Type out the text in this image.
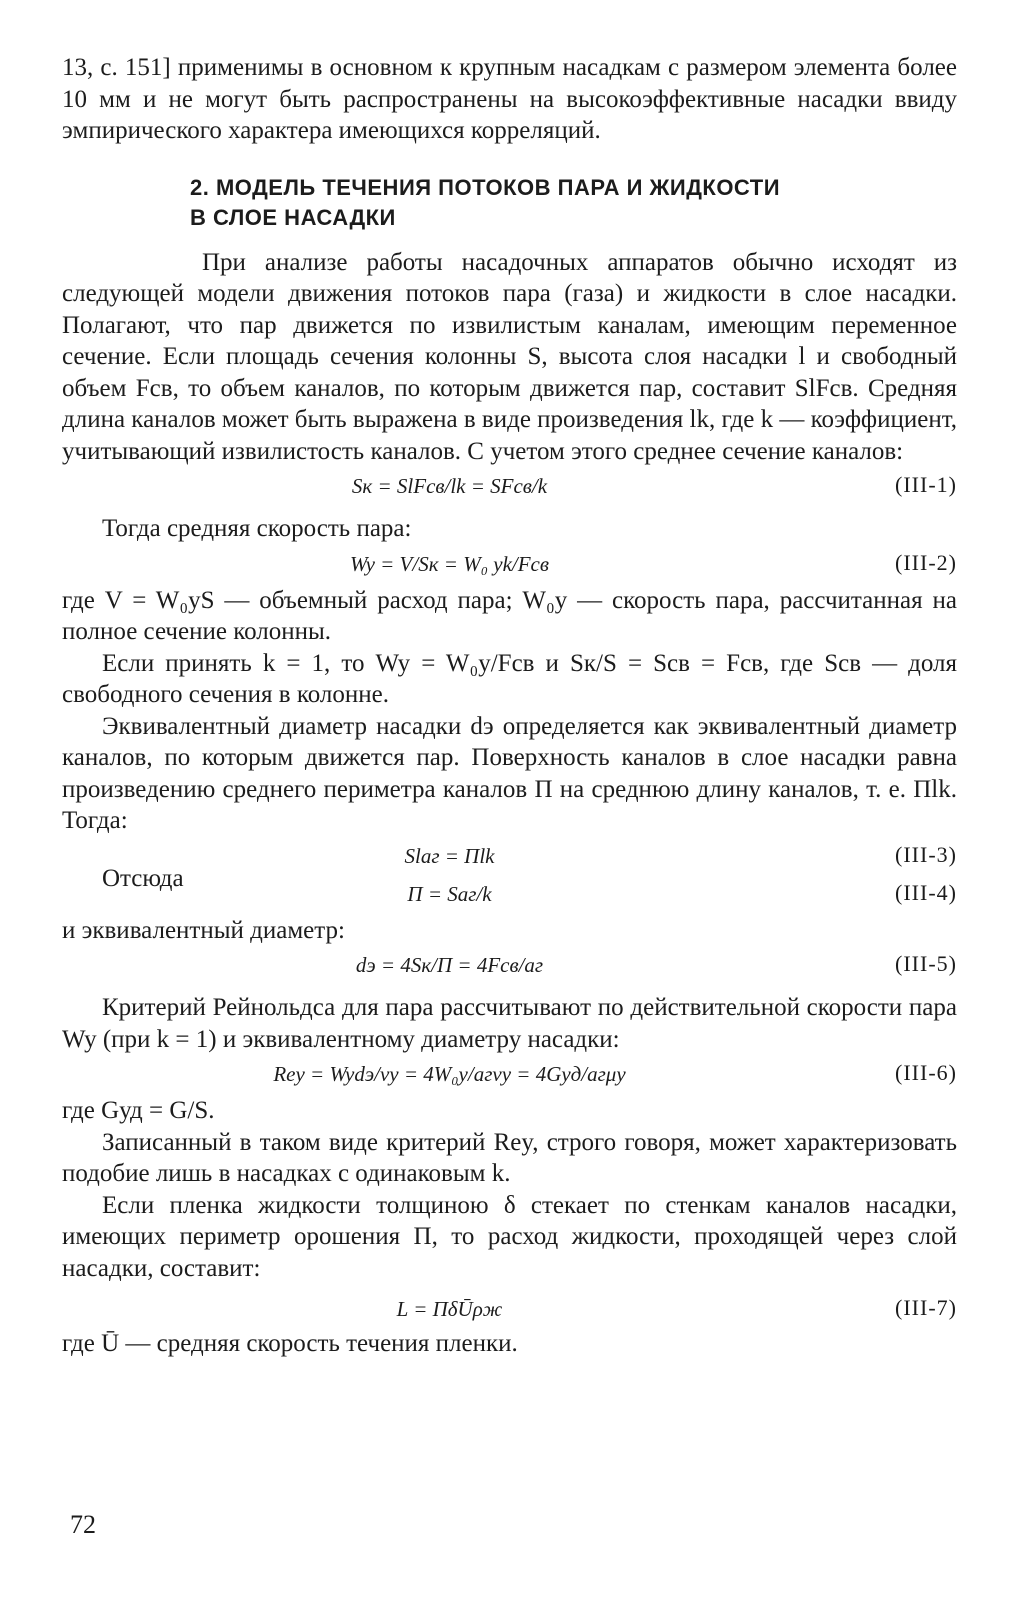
13, с. 151] применимы в основном к крупным насадкам с размером элемента более 10 мм и не могут быть распространены на высокоэффективные насадки ввиду эмпирического характера имеющихся корреляций.

2. МОДЕЛЬ ТЕЧЕНИЯ ПОТОКОВ ПАРА И ЖИДКОСТИ
В СЛОЕ НАСАДКИ

При анализе работы насадочных аппаратов обычно исходят из следующей модели движения потоков пара (газа) и жидкости в слое насадки. Полагают, что пар движется по извилистым каналам, имеющим переменное сечение. Если площадь сечения колонны S, высота слоя насадки l и свободный объем Fсв, то объем каналов, по которым движется пар, составит SlFсв. Средняя длина каналов может быть выражена в виде произведения lk, где k — коэффициент, учитывающий извилистость каналов. С учетом этого среднее сечение каналов:

Sк = SlFсв/lk = SFсв/k	(III-1)

Тогда средняя скорость пара:

Wy = V/Sк = W₀ yk/Fсв	(III-2)

где V = W₀yS — объемный расход пара; W₀y — скорость пара, рассчитанная на полное сечение колонны.

Если принять k = 1, то Wy = W₀y/Fсв и Sк/S = Sсв = Fсв, где Sсв — доля свободного сечения в колонне.

Эквивалентный диаметр насадки dэ определяется как эквивалентный диаметр каналов, по которым движется пар. Поверхность каналов в слое насадки равна произведению среднего периметра каналов П на среднюю длину каналов, т. е. Пlk. Тогда:

Slaг = Пlk	(III-3)
Отсюда
П = Saг/k	(III-4)

и эквивалентный диаметр:

dэ = 4Sк/П = 4Fсв/aг	(III-5)

Критерий Рейнольдса для пара рассчитывают по действительной скорости пара Wy (при k = 1) и эквивалентному диаметру насадки:

Rey = Wydэ/νy = 4W₀y/aгνy = 4Gуд/aгμy	(III-6)

где Gуд = G/S.

Записанный в таком виде критерий Rey, строго говоря, может характеризовать подобие лишь в насадках с одинаковым k.

Если пленка жидкости толщиною δ стекает по стенкам каналов насадки, имеющих периметр орошения П, то расход жидкости, проходящей через слой насадки, составит:

L = ПδŪρж	(III-7)

где Ū — средняя скорость течения пленки.

72
